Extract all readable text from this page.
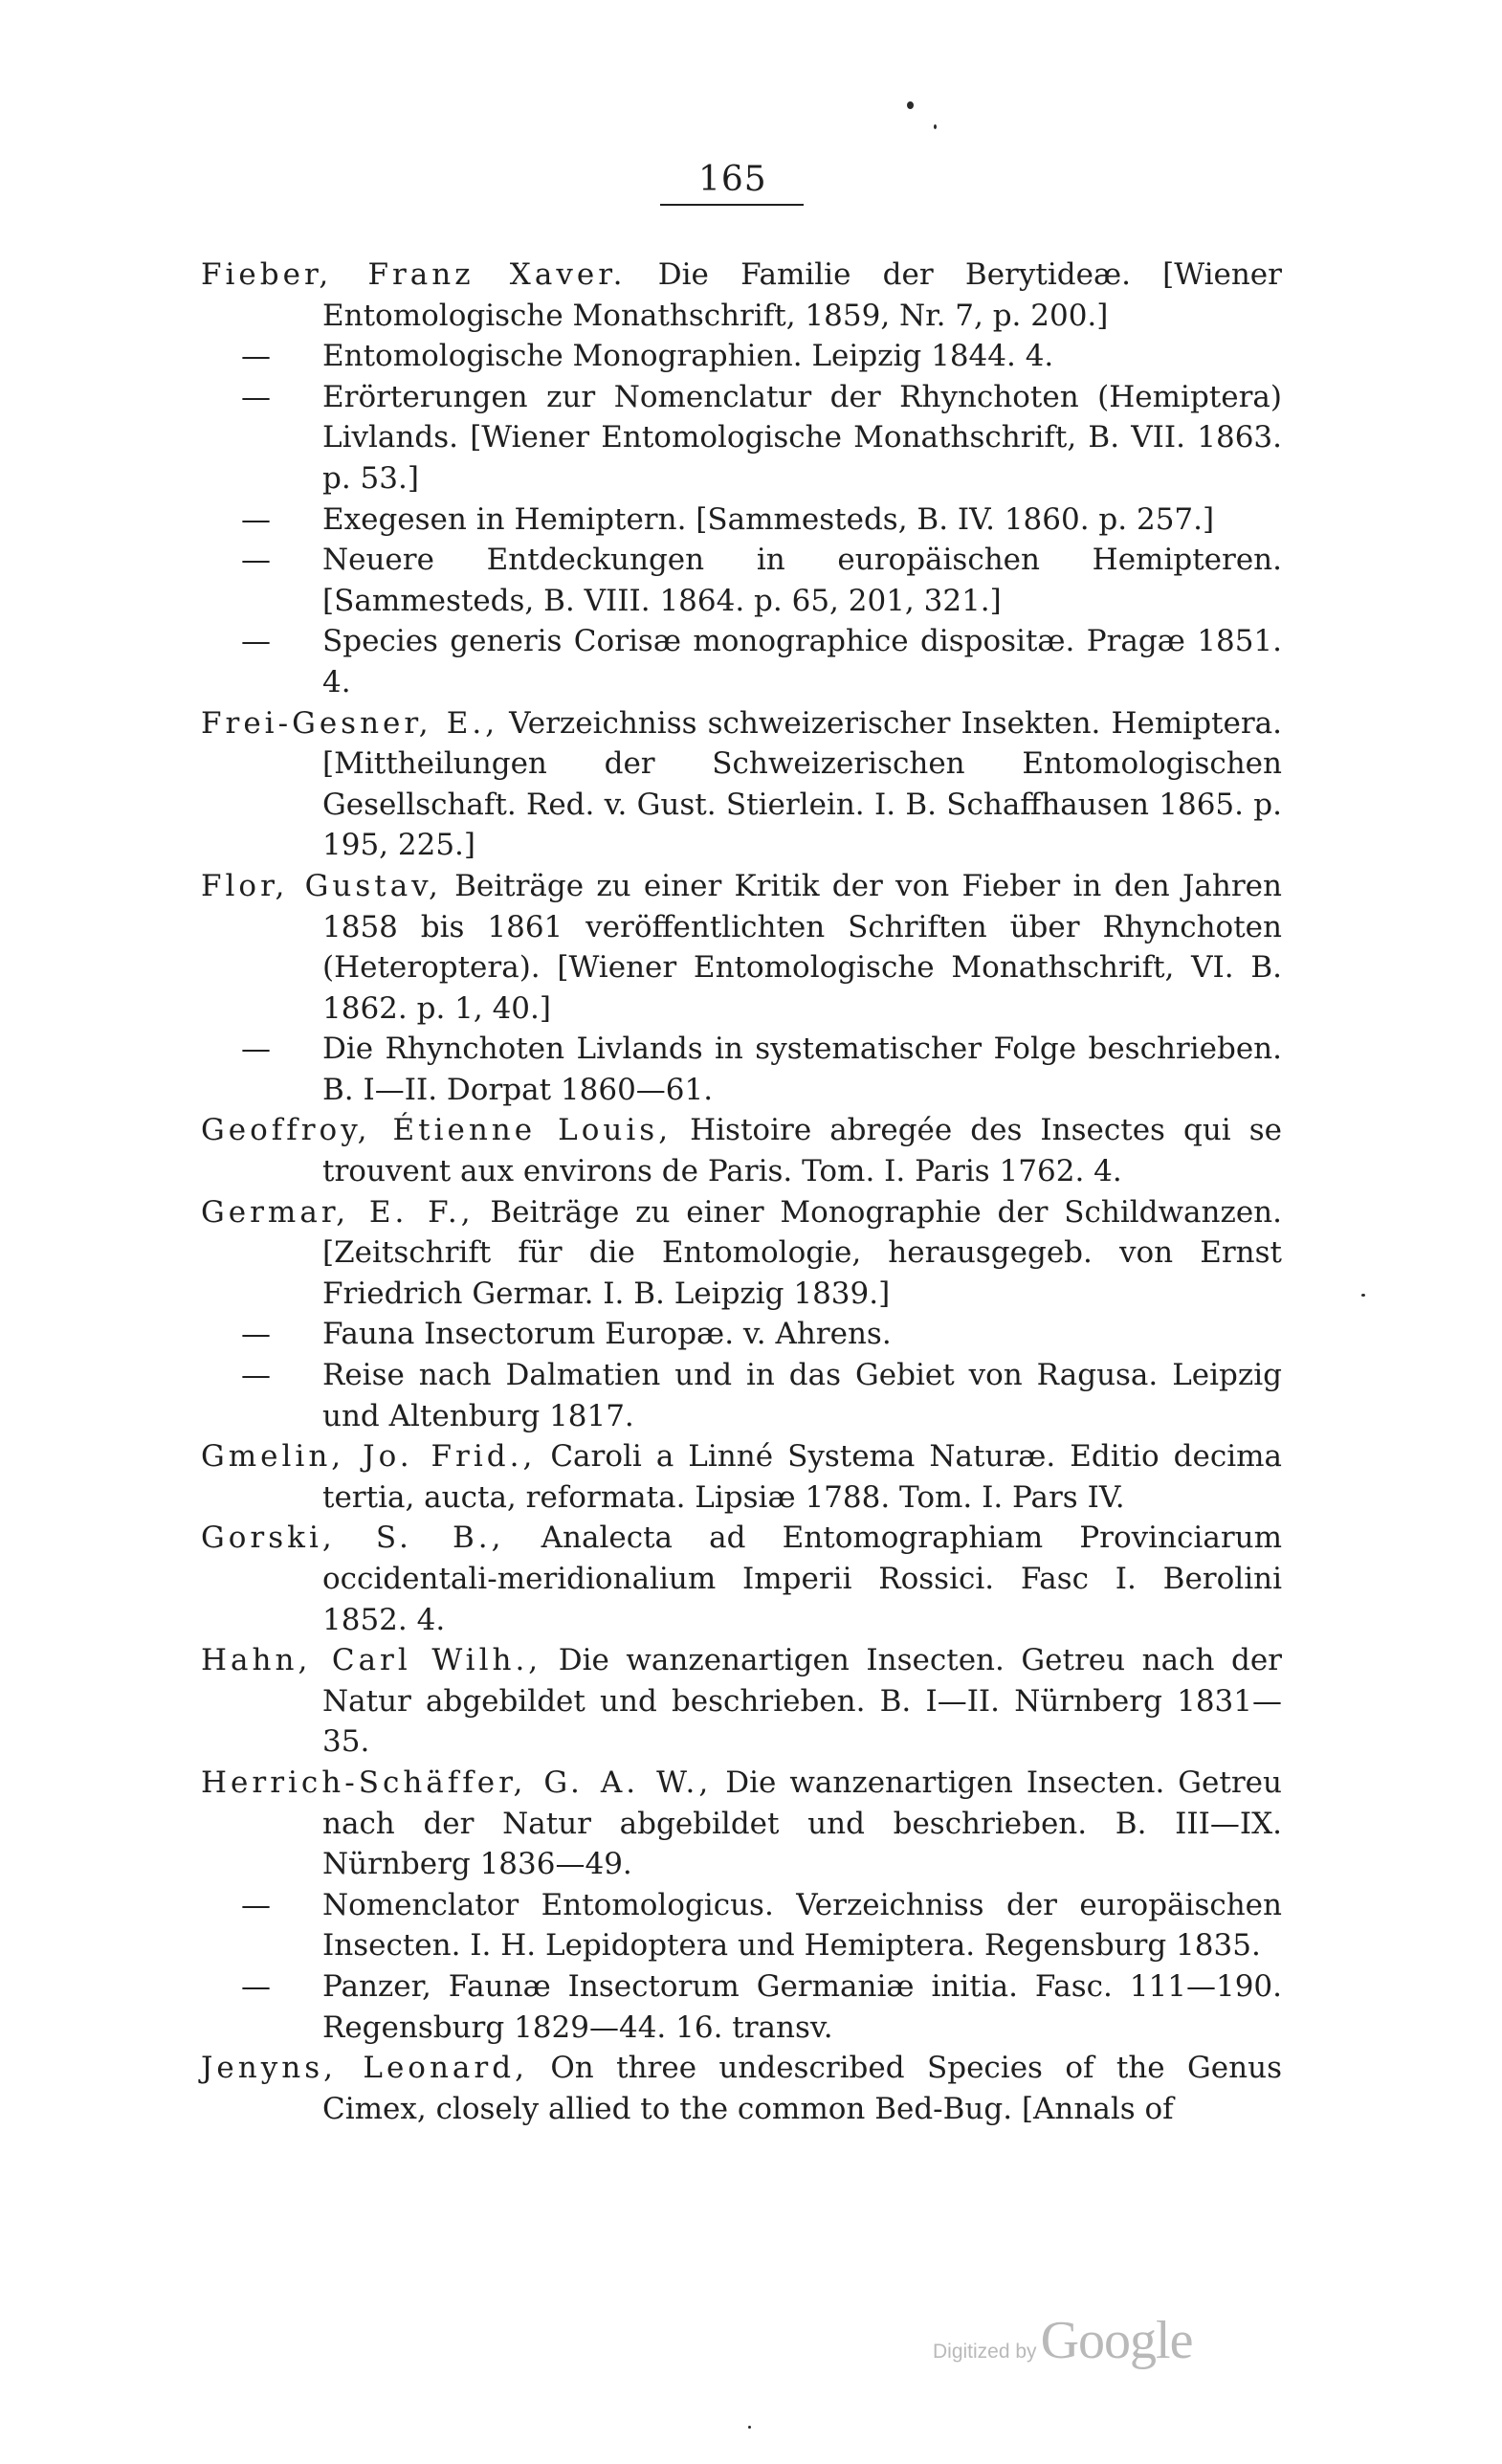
165
Fieber, Franz Xaver. Die Familie der Berytideæ. [Wiener Entomologische Monathschrift, 1859, Nr. 7, p. 200.]
— Entomologische Monographien. Leipzig 1844. 4.
— Erörterungen zur Nomenclatur der Rhynchoten (Hemiptera) Livlands. [Wiener Entomologische Monathschrift, B. VII. 1863. p. 53.]
— Exegesen in Hemiptern. [Sammesteds, B. IV. 1860. p. 257.]
— Neuere Entdeckungen in europäischen Hemipteren. [Sammesteds, B. VIII. 1864. p. 65, 201, 321.]
— Species generis Corisæ monographice dispositæ. Pragæ 1851. 4.
Frei-Gesner, E., Verzeichniss schweizerischer Insekten. Hemiptera. [Mittheilungen der Schweizerischen Entomologischen Gesellschaft. Red. v. Gust. Stierlein. I. B. Schaffhausen 1865. p. 195, 225.]
Flor, Gustav, Beiträge zu einer Kritik der von Fieber in den Jahren 1858 bis 1861 veröffentlichten Schriften über Rhynchoten (Heteroptera). [Wiener Entomologische Monathschrift, VI. B. 1862. p. 1, 40.]
— Die Rhynchoten Livlands in systematischer Folge beschrieben. B. I—II. Dorpat 1860—61.
Geoffroy, Étienne Louis, Histoire abregée des Insectes qui se trouvent aux environs de Paris. Tom. I. Paris 1762. 4.
Germar, E. F., Beiträge zu einer Monographie der Schildwanzen. [Zeitschrift für die Entomologie, herausgegeb. von Ernst Friedrich Germar. I. B. Leipzig 1839.]
— Fauna Insectorum Europæ. v. Ahrens.
— Reise nach Dalmatien und in das Gebiet von Ragusa. Leipzig und Altenburg 1817.
Gmelin, Jo. Frid., Caroli a Linné Systema Naturæ. Editio decima tertia, aucta, reformata. Lipsiæ 1788. Tom. I. Pars IV.
Gorski, S. B., Analecta ad Entomographiam Provinciarum occidentali-meridionalium Imperii Rossici. Fasc I. Berolini 1852. 4.
Hahn, Carl Wilh., Die wanzenartigen Insecten. Getreu nach der Natur abgebildet und beschrieben. B. I—II. Nürnberg 1831—35.
Herrich-Schäffer, G. A. W., Die wanzenartigen Insecten. Getreu nach der Natur abgebildet und beschrieben. B. III—IX. Nürnberg 1836—49.
— Nomenclator Entomologicus. Verzeichniss der europäischen Insecten. I. H. Lepidoptera und Hemiptera. Regensburg 1835.
— Panzer, Faunæ Insectorum Germaniæ initia. Fasc. 111—190. Regensburg 1829—44. 16. transv.
Jenyns, Leonard, On three undescribed Species of the Genus Cimex, closely allied to the common Bed-Bug. [Annals of
Digitized byGoogle
